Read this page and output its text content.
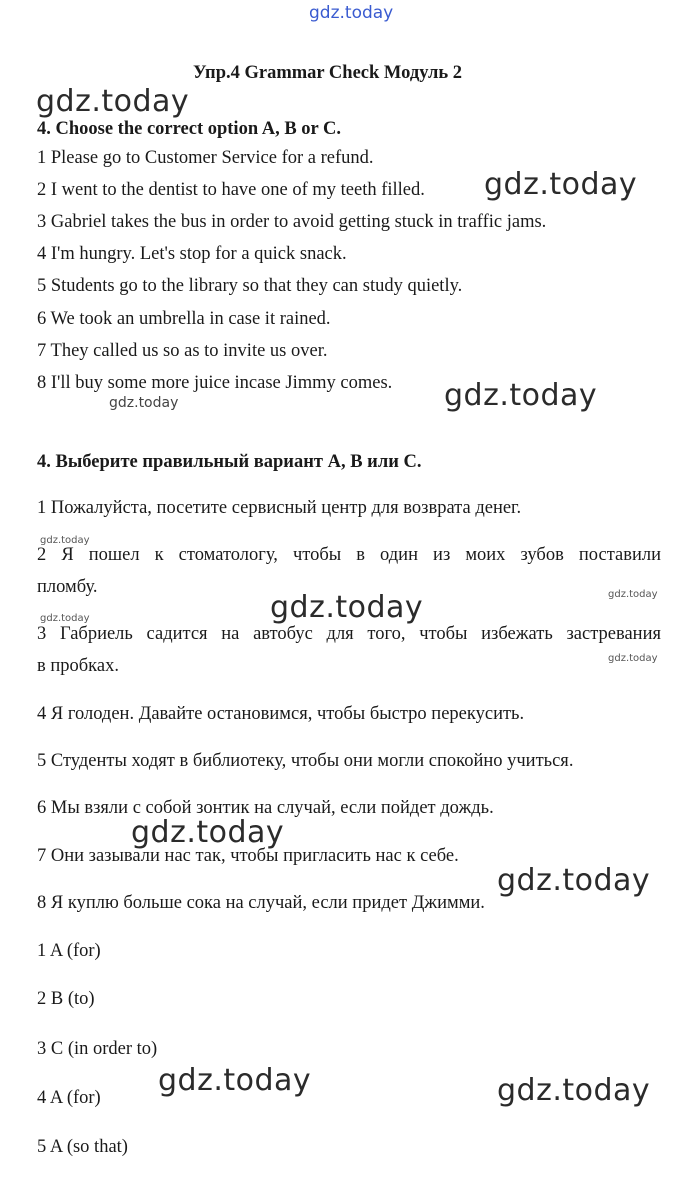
gdz.today
Упр.4 Grammar Check Модуль 2
4. Choose the correct option A, B or C.
1 Please go to Customer Service for a refund.
2 I went to the dentist to have one of my teeth filled.
3 Gabriel takes the bus in order to avoid getting stuck in traffic jams.
4 I'm hungry. Let's stop for a quick snack.
5 Students go to the library so that they can study quietly.
6 We took an umbrella in case it rained.
7 They called us so as to invite us over.
8 I'll buy some more juice incase Jimmy comes.
4. Выберите правильный вариант A, B или C.
1 Пожалуйста, посетите сервисный центр для возврата денег.
2 Я пошел к стоматологу, чтобы в один из моих зубов поставили
пломбу.
3 Габриель садится на автобус для того, чтобы избежать застревания
в пробках.
4 Я голоден. Давайте остановимся, чтобы быстро перекусить.
5 Студенты ходят в библиотеку, чтобы они могли спокойно учиться.
6 Мы взяли с собой зонтик на случай, если пойдет дождь.
7 Они зазывали нас так, чтобы пригласить нас к себе.
8 Я куплю больше сока на случай, если придет Джимми.
1 A (for)
2 B (to)
3 C (in order to)
4 A (for)
5 A (so that)
gdz.today
gdz.today
gdz.today
gdz.today
gdz.today
gdz.today
gdz.today	gdz.today
gdz.today
gdz.today
gdz.today
gdz.today
gdz.today
